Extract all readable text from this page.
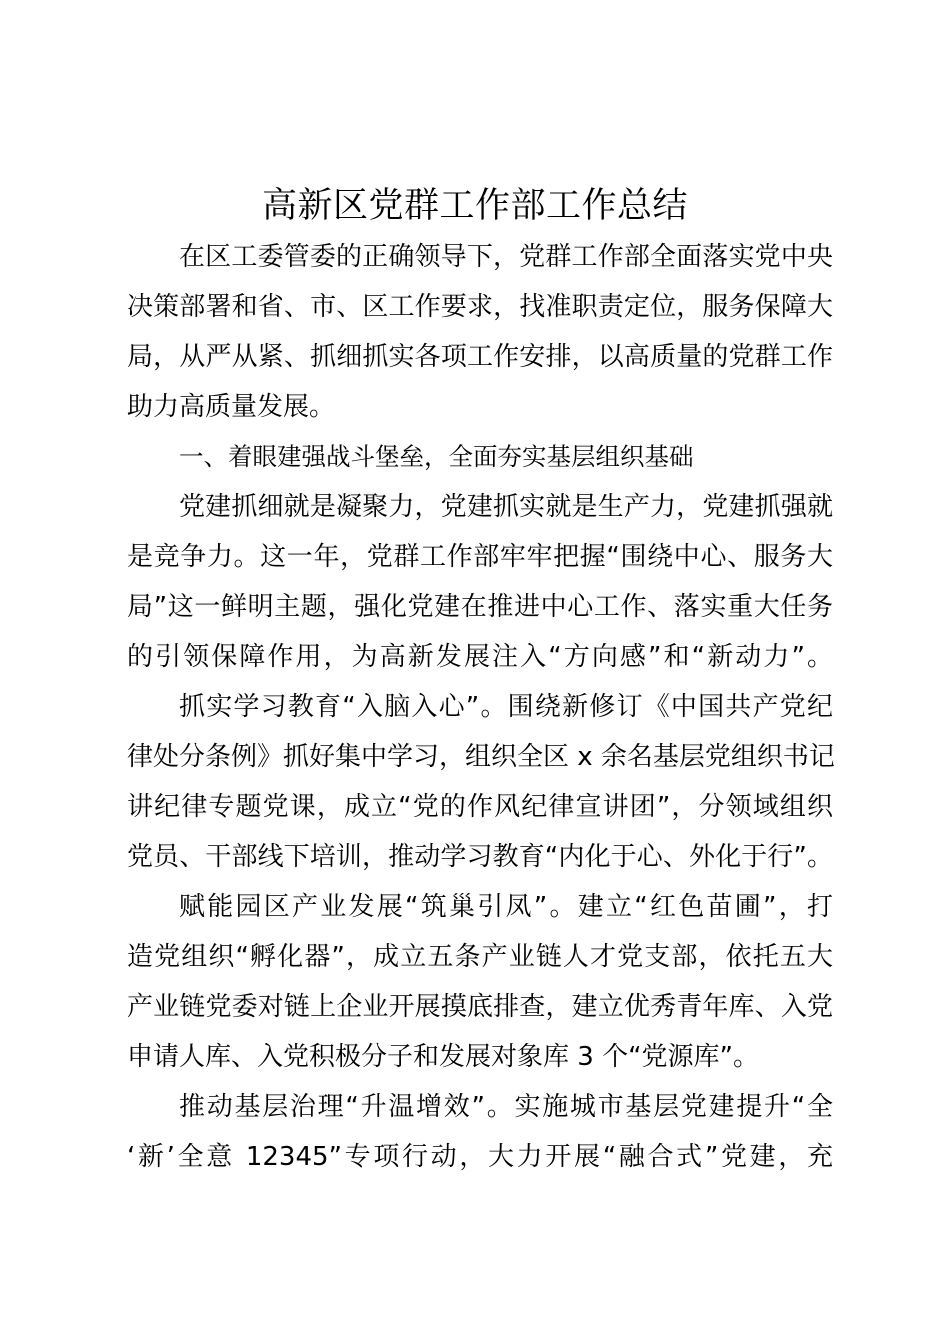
高新区党群工作部工作总结
在区工委管委的正确领导下，党群工作部全面落实党中央
决策部署和省、市、区工作要求，找准职责定位，服务保障大
局，从严从紧、抓细抓实各项工作安排，以高质量的党群工作
助力高质量发展。
一、着眼建强战斗堡垒，全面夯实基层组织基础
党建抓细就是凝聚力，党建抓实就是生产力，党建抓强就
是竞争力。这一年，党群工作部牢牢把握“围绕中心、服务大
局”这一鲜明主题，强化党建在推进中心工作、落实重大任务
的引领保障作用，为高新发展注入“方向感”和“新动力”。
抓实学习教育“入脑入心”。围绕新修订《中国共产党纪
律处分条例》抓好集中学习，组织全区 x 余名基层党组织书记
讲纪律专题党课，成立“党的作风纪律宣讲团”，分领域组织
党员、干部线下培训，推动学习教育“内化于心、外化于行”。
赋能园区产业发展“筑巢引凤”。建立“红色苗圃”，打
造党组织“孵化器”，成立五条产业链人才党支部，依托五大
产业链党委对链上企业开展摸底排查，建立优秀青年库、入党
申请人库、入党积极分子和发展对象库 3 个“党源库”。
推动基层治理“升温增效”。实施城市基层党建提升“全
‘新’全意 12345”专项行动，大力开展“融合式”党建，充
